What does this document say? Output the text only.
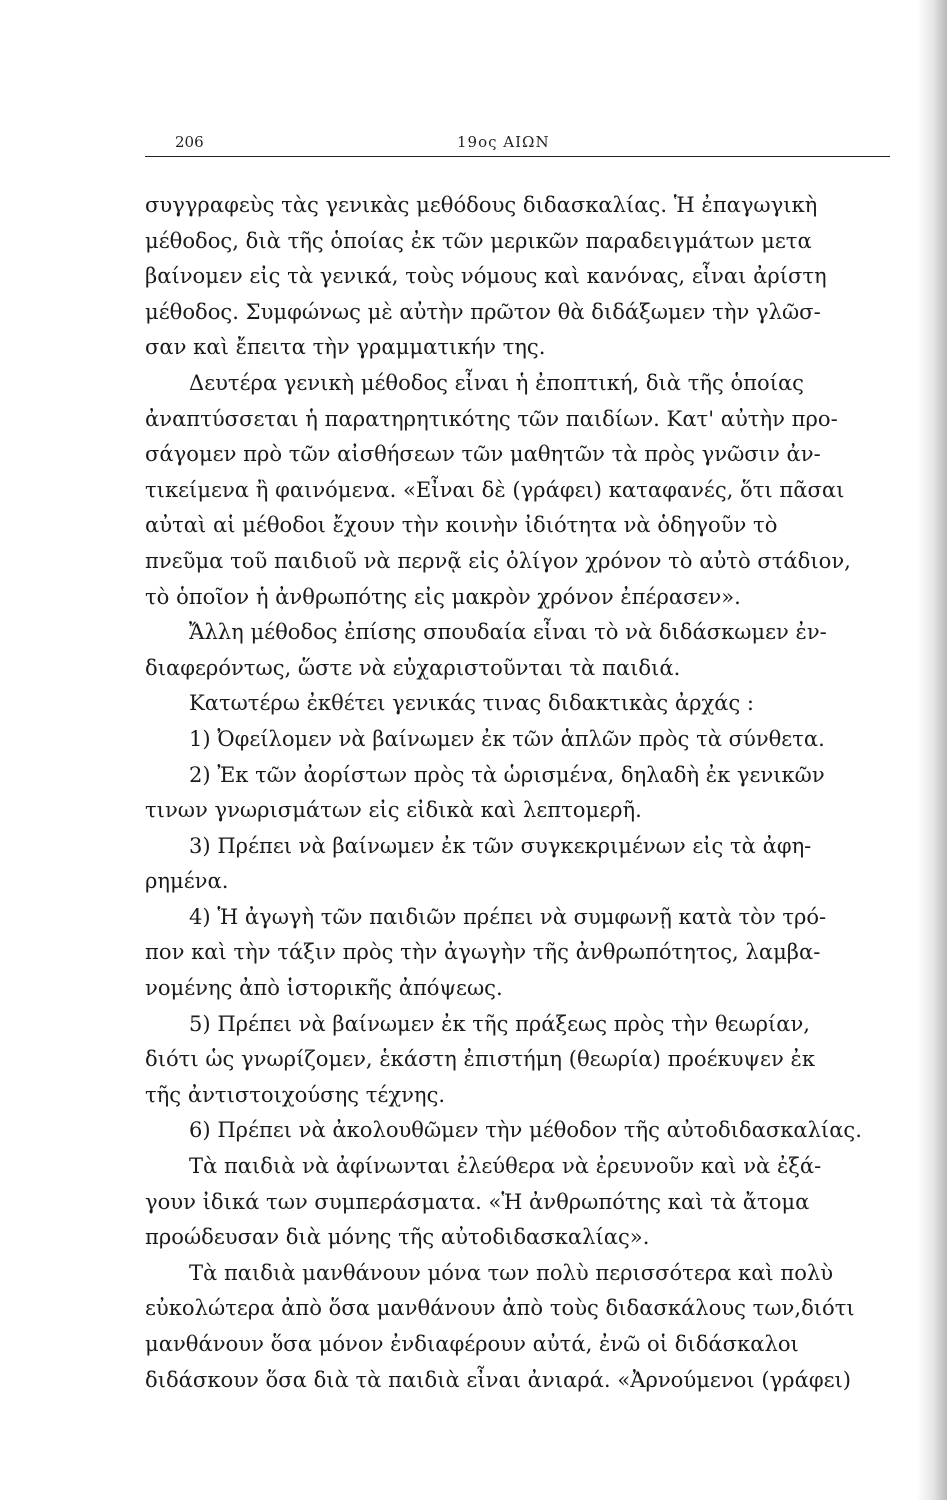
206	19ος ΑΙΩΝ
συγγραφεὺς τὰς γενικὰς μεθόδους διδασκαλίας. Ἡ ἐπαγωγικὴ
μέθοδος, διὰ τῆς ὁποίας ἐκ τῶν μερικῶν παραδειγμάτων μετα
βαίνομεν εἰς τὰ γενικά, τοὺς νόμους καὶ κανόνας, εἶναι ἀρίστη
μέθοδος. Συμφώνως μὲ αὐτὴν πρῶτον θὰ διδάξωμεν τὴν γλῶσ-
σαν καὶ ἔπειτα τὴν γραμματικήν της.
Δευτέρα γενικὴ μέθοδος εἶναι ἡ ἐποπτική, διὰ τῆς ὁποίας
ἀναπτύσσεται ἡ παρατηρητικότης τῶν παιδίων. Κατ' αὐτὴν προ-
σάγομεν πρὸ τῶν αἰσθήσεων τῶν μαθητῶν τὰ πρὸς γνῶσιν ἀν-
τικείμενα ἢ φαινόμενα. «Εἶναι δὲ (γράφει) καταφανές, ὅτι πᾶσαι
αὐταὶ αἱ μέθοδοι ἔχουν τὴν κοινὴν ἰδιότητα νὰ ὁδηγοῦν τὸ
πνεῦμα τοῦ παιδιοῦ νὰ περνᾷ εἰς ὀλίγον χρόνον τὸ αὐτὸ στάδιον,
τὸ ὁποῖον ἡ ἀνθρωπότης εἰς μακρὸν χρόνον ἐπέρασεν».
Ἄλλη μέθοδος ἐπίσης σπουδαία εἶναι τὸ νὰ διδάσκωμεν ἐν-
διαφερόντως, ὥστε νὰ εὐχαριστοῦνται τὰ παιδιά.
Κατωτέρω ἐκθέτει γενικάς τινας διδακτικὰς ἀρχάς :
1) Ὀφείλομεν νὰ βαίνωμεν ἐκ τῶν ἁπλῶν πρὸς τὰ σύνθετα.
2) Ἐκ τῶν ἀορίστων πρὸς τὰ ὡρισμένα, δηλαδὴ ἐκ γενικῶν
τινων γνωρισμάτων εἰς εἰδικὰ καὶ λεπτομερῆ.
3) Πρέπει νὰ βαίνωμεν ἐκ τῶν συγκεκριμένων εἰς τὰ ἀφη-
ρημένα.
4) Ἡ ἀγωγὴ τῶν παιδιῶν πρέπει νὰ συμφωνῇ κατὰ τὸν τρό-
πον καὶ τὴν τάξιν πρὸς τὴν ἀγωγὴν τῆς ἀνθρωπότητος, λαμβα-
νομένης ἀπὸ ἱστορικῆς ἀπόψεως.
5) Πρέπει νὰ βαίνωμεν ἐκ τῆς πράξεως πρὸς τὴν θεωρίαν,
διότι ὡς γνωρίζομεν, ἑκάστη ἐπιστήμη (θεωρία) προέκυψεν ἐκ
τῆς ἀντιστοιχούσης τέχνης.
6) Πρέπει νὰ ἀκολουθῶμεν τὴν μέθοδον τῆς αὐτοδιδασκαλίας.
Τὰ παιδιὰ νὰ ἀφίνωνται ἐλεύθερα νὰ ἐρευνοῦν καὶ νὰ ἐξά-
γουν ἰδικά των συμπεράσματα. «Ἡ ἀνθρωπότης καὶ τὰ ἄτομα
προώδευσαν διὰ μόνης τῆς αὐτοδιδασκαλίας».
Τὰ παιδιὰ μανθάνουν μόνα των πολὺ περισσότερα καὶ πολὺ
εὐκολώτερα ἀπὸ ὅσα μανθάνουν ἀπὸ τοὺς διδασκάλους των,διότι
μανθάνουν ὅσα μόνον ἐνδιαφέρουν αὐτά, ἐνῶ οἱ διδάσκαλοι
διδάσκουν ὅσα διὰ τὰ παιδιὰ εἶναι ἀνιαρά. «Ἀρνούμενοι (γράφει)
